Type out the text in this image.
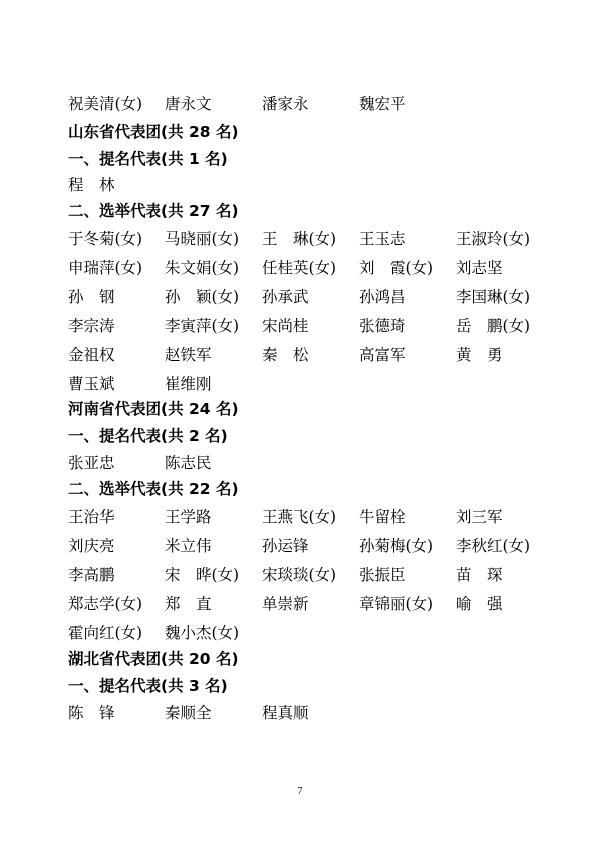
祝美清(女) 唐永文	潘家永	魏宏平
山东省代表团(共 28 名)
一、提名代表(共 1 名)
程　林
二、选举代表(共 27 名)
于冬菊(女) 马晓丽(女) 王　琳(女) 王玉志	王淑玲(女)
申瑞萍(女) 朱文娟(女) 任桂英(女) 刘　霞(女) 刘志坚
孙　钢	孙　颖(女) 孙承武	孙鸿昌	李国琳(女)
李宗涛	李寅萍(女) 宋尚桂	张德琦	岳　鹏(女)
金祖权	赵铁军	秦　松	高富军	黄　勇
曹玉斌	崔维刚
河南省代表团(共 24 名)
一、提名代表(共 2 名)
张亚忠	陈志民
二、选举代表(共 22 名)
王治华	王学路	王燕飞(女) 牛留栓	刘三军
刘庆亮	米立伟	孙运锋	孙菊梅(女) 李秋红(女)
李高鹏	宋　晔(女) 宋琰琰(女) 张振臣	苗　琛
郑志学(女) 郑　直	单崇新	章锦丽(女) 喻　强
霍向红(女) 魏小杰(女)
湖北省代表团(共 20 名)
一、提名代表(共 3 名)
陈　锋	秦顺全	程真顺
7
